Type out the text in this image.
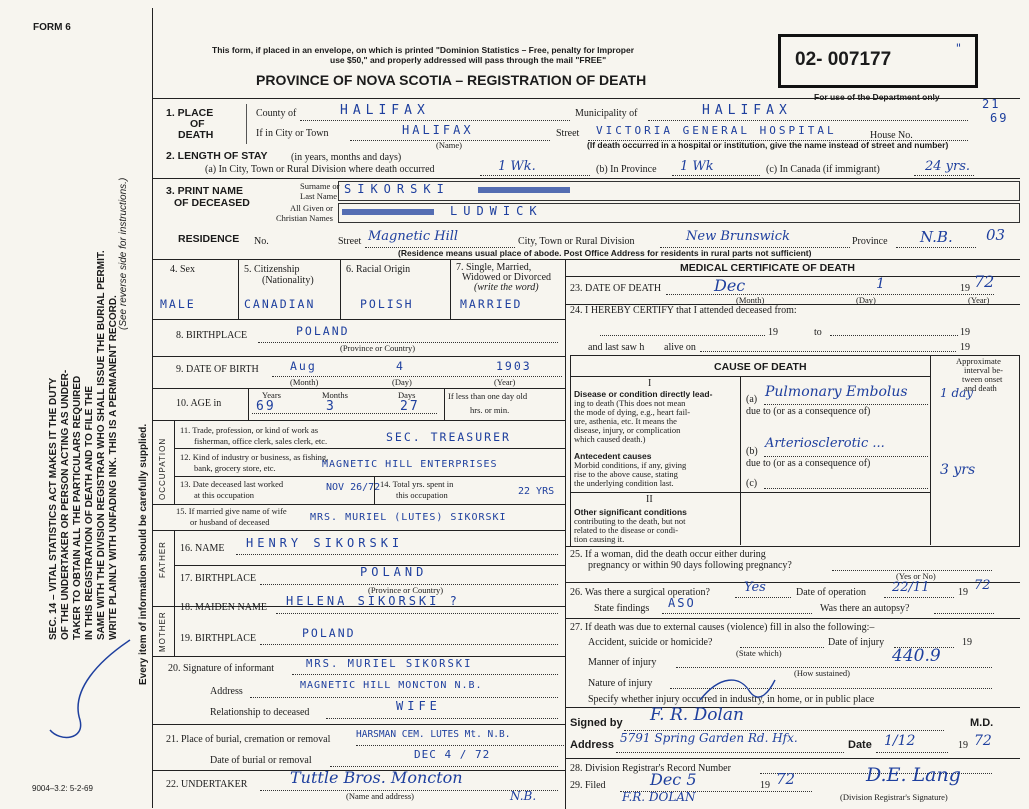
FORM 6
This form, if placed in an envelope, on which is printed "Dominion Statistics – Free, penalty for Improper
use $50," and properly addressed will pass through the mail "FREE"
PROVINCE OF NOVA SCOTIA – REGISTRATION OF DEATH
02- 007177
"
For use of the Department only	21
69
SEC. 14 – VITAL STATISTICS ACT MAKES IT THE DUTY OF THE UNDERTAKER OR PERSON ACTING AS UNDER- TAKER TO OBTAIN ALL THE PARTICULARS REQUIRED IN THIS REGISTRATION OF DEATH AND TO FILE THE SAME WITH THE DIVISION REGISTRAR WHO SHALL ISSUE THE BURIAL PERMIT. WRITE PLAINLY WITH UNFADING INK. THIS IS A PERMANENT RECORD.
(See reverse side for instructions.)
Every item of information should be carefully supplied.
9004–3.2: 5-2-69
1. PLACE
OF
DEATH
County of	HALIFAX	Municipality of	HALIFAX
If in City or Town	HALIFAX	Street VICTORIA GENERAL HOSPITAL	House No.
(Name)	(If death occurred in a hospital or institution, give the name instead of street and number)
2. LENGTH OF STAY (in years, months and days)
(a) In City, Town or Rural Division where death occurred	1 Wk.	(b) In Province 1 Wk	(c) In Canada (if immigrant)	24 yrs.
3. PRINT NAME
OF DECEASED
Surname or
Last Name
All Given or
Christian Names
SIKORSKI
LUDWICK
RESIDENCE No.	Street Magnetic Hill	City, Town or Rural Division	New Brunswick	Province N.B. 03
(Residence means usual place of abode. Post Office Address for residents in rural parts not sufficient)
4. Sex	5. Citizenship
(Nationality)
6. Racial Origin	7. Single, Married,
Widowed or Divorced
(write the word)
MALE	CANADIAN	POLISH	MARRIED
8. BIRTHPLACE	POLAND
(Province or Country)
9. DATE OF BIRTH	Aug	4	1903
(Month)	(Day)	(Year)
10. AGE in
Years	Months	Days
69	3	27
If less than one day old
hrs. or min.
OCCUPATION
11. Trade, profession, or kind of work as
fisherman, office clerk, sales clerk, etc.	SEC. TREASURER
12. Kind of industry or business, as fishing,
bank, grocery store, etc.	MAGNETIC HILL ENTERPRISES
13. Date deceased last worked
at this occupation
NOV 26/72 14. Total yrs. spent in
this occupation	22 YRS
15. If married give name of wife
or husband of deceased	MRS. MURIEL (LUTES) SIKORSKI
FATHER 16. NAME HENRY SIKORSKI
17. BIRTHPLACE	POLAND
(Province or Country)
MOTHER
18. MAIDEN NAME HELENA SIKORSKI ?
19. BIRTHPLACE	POLAND
20. Signature of informant	MRS. MURIEL SIKORSKI
Address
MAGNETIC HILL MONCTON N.B.
Relationship to deceased	WIFE
21. Place of burial, cremation or removal	HARSMAN CEM. LUTES Mt. N.B.
Date of burial or removal	DEC 4 / 72
22. UNDERTAKER	Tuttle Bros. Moncton
(Name and address)	N.B.
MEDICAL CERTIFICATE OF DEATH
23. DATE OF DEATH	Dec	1	19 72
(Month)	(Day)	(Year)
24. I HEREBY CERTIFY that I attended deceased from:
19	to	19
and last saw h alive on	19
CAUSE OF DEATH	Approximate
interval be-
tween onset
and death
I
Disease or condition directly lead-
ing to death (This does not mean
the mode of dying, e.g., heart fail-
ure, asthenia, etc. It means the
disease, injury, or complication
which caused death.)
(a) Pulmonary Embolus	1 day
due to (or as a consequence of)
(b)
Arteriosclerotic ...
Antecedent causes
Morbid conditions, if any, giving
rise to the above cause, stating
the underlying condition last.
due to (or as a consequence of)	3 yrs
(c)
II
Other significant conditions
contributing to the death, but not
related to the disease or condi-
tion causing it.
25. If a woman, did the death occur either during
pregnancy or within 90 days following pregnancy?
(Yes or No)
26. Was there a surgical operation?	Yes	Date of operation 22/11	19 72
State findings ASO	Was there an autopsy?
27. If death was due to external causes (violence) fill in also the following:–
Accident, suicide or homicide?	Date of injury	19
(State which)
Manner of injury	440.9
(How sustained)
Nature of injury
Specify whether injury occurred in industry, in home, or in public place
Signed by F. R. Dolan	M.D.
Address 5791 Spring Garden Rd. Hfx.	Date 1/12	19 72
28. Division Registrar's Record Number
29. Filed	Dec 5	19 72
F.R. DOLAN
D.E. Lang
(Division Registrar's Signature)
